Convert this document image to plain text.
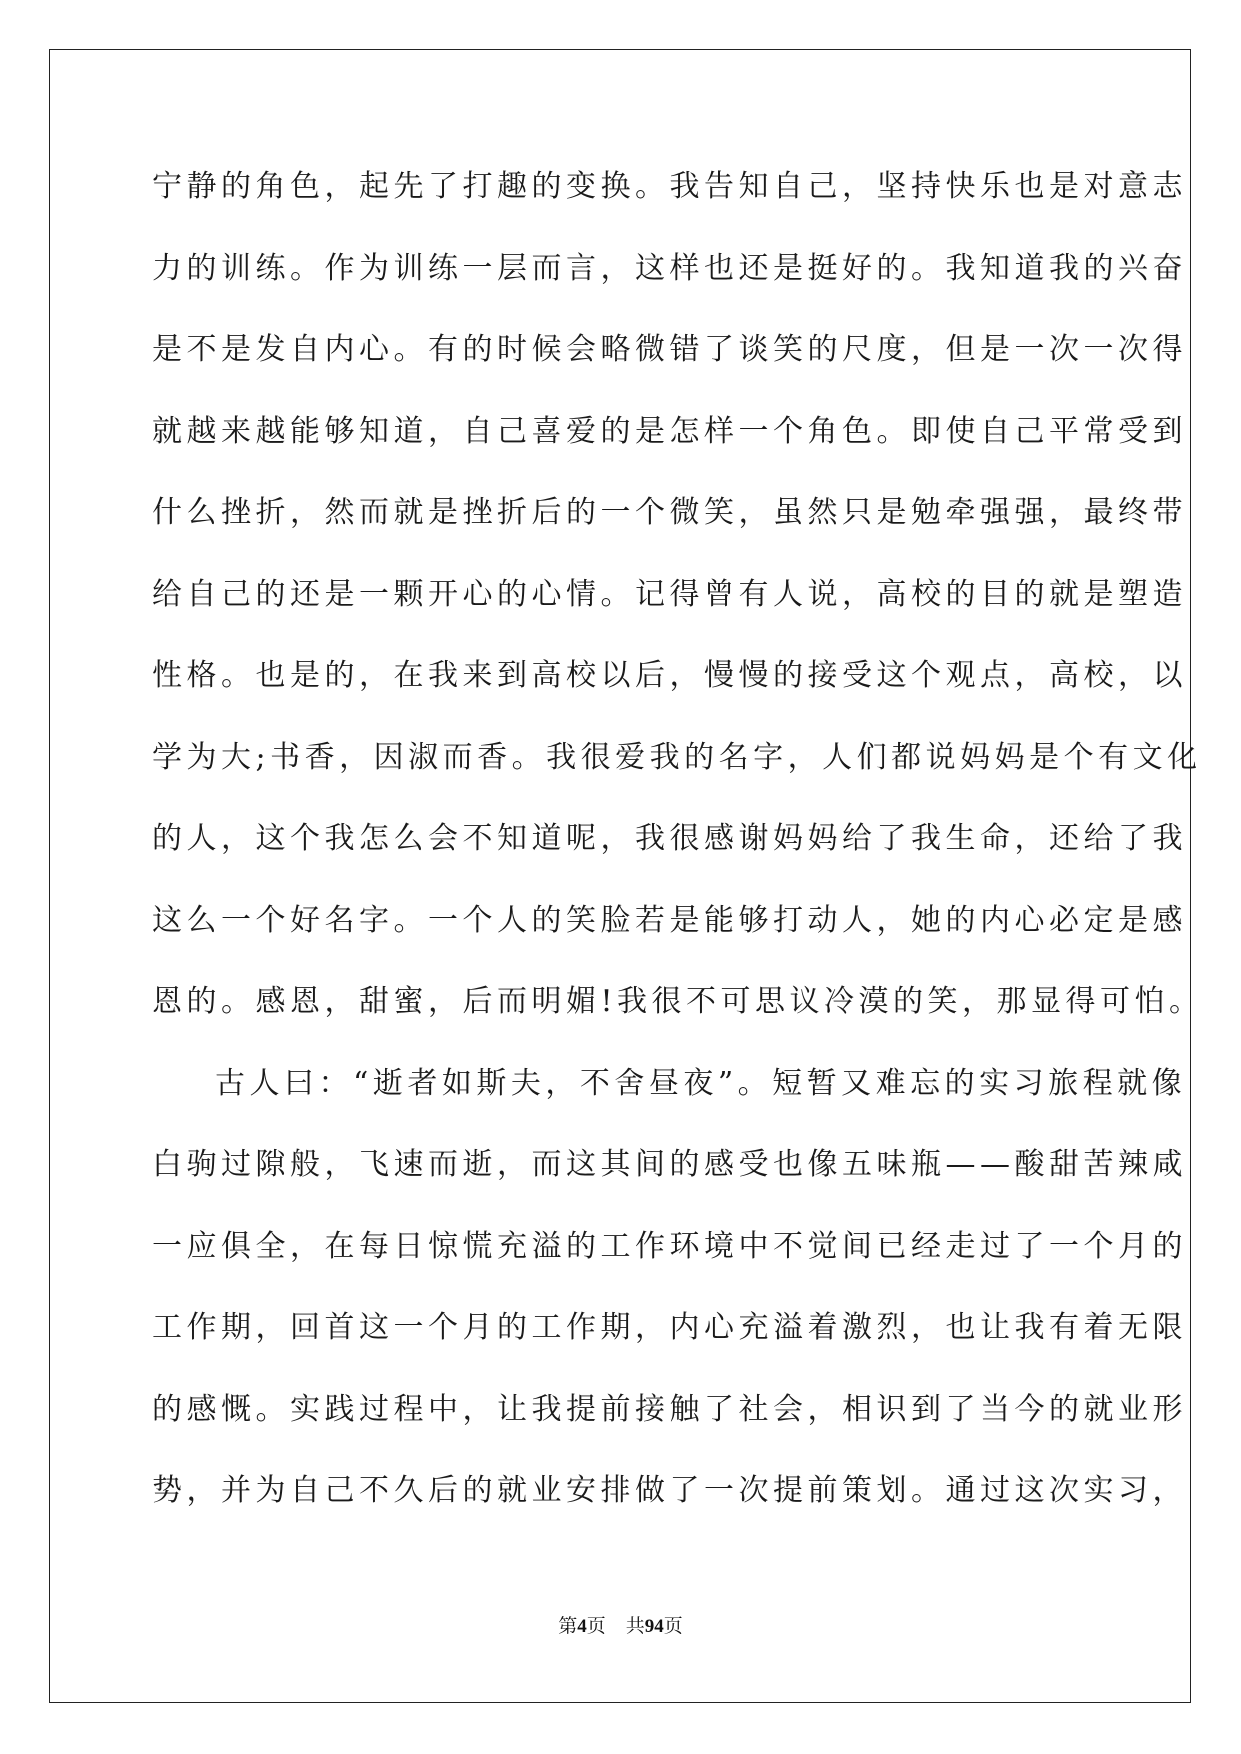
宁静的角色，起先了打趣的变换。我告知自己，坚持快乐也是对意志
力的训练。作为训练一层而言，这样也还是挺好的。我知道我的兴奋
是不是发自内心。有的时候会略微错了谈笑的尺度，但是一次一次得
就越来越能够知道，自己喜爱的是怎样一个角色。即使自己平常受到
什么挫折，然而就是挫折后的一个微笑，虽然只是勉牵强强，最终带
给自己的还是一颗开心的心情。记得曾有人说，高校的目的就是塑造
性格。也是的，在我来到高校以后，慢慢的接受这个观点，高校，以
学为大;书香，因淑而香。我很爱我的名字，人们都说妈妈是个有文化
的人，这个我怎么会不知道呢，我很感谢妈妈给了我生命，还给了我
这么一个好名字。一个人的笑脸若是能够打动人，她的内心必定是感
恩的。感恩，甜蜜，后而明媚!我很不可思议冷漠的笑，那显得可怕。
古人曰：“逝者如斯夫，不舍昼夜”。短暂又难忘的实习旅程就像
白驹过隙般，飞速而逝，而这其间的感受也像五味瓶——酸甜苦辣咸
一应俱全，在每日惊慌充溢的工作环境中不觉间已经走过了一个月的
工作期，回首这一个月的工作期，内心充溢着激烈，也让我有着无限
的感慨。实践过程中，让我提前接触了社会，相识到了当今的就业形
势，并为自己不久后的就业安排做了一次提前策划。通过这次实习，
第4页 共94页
